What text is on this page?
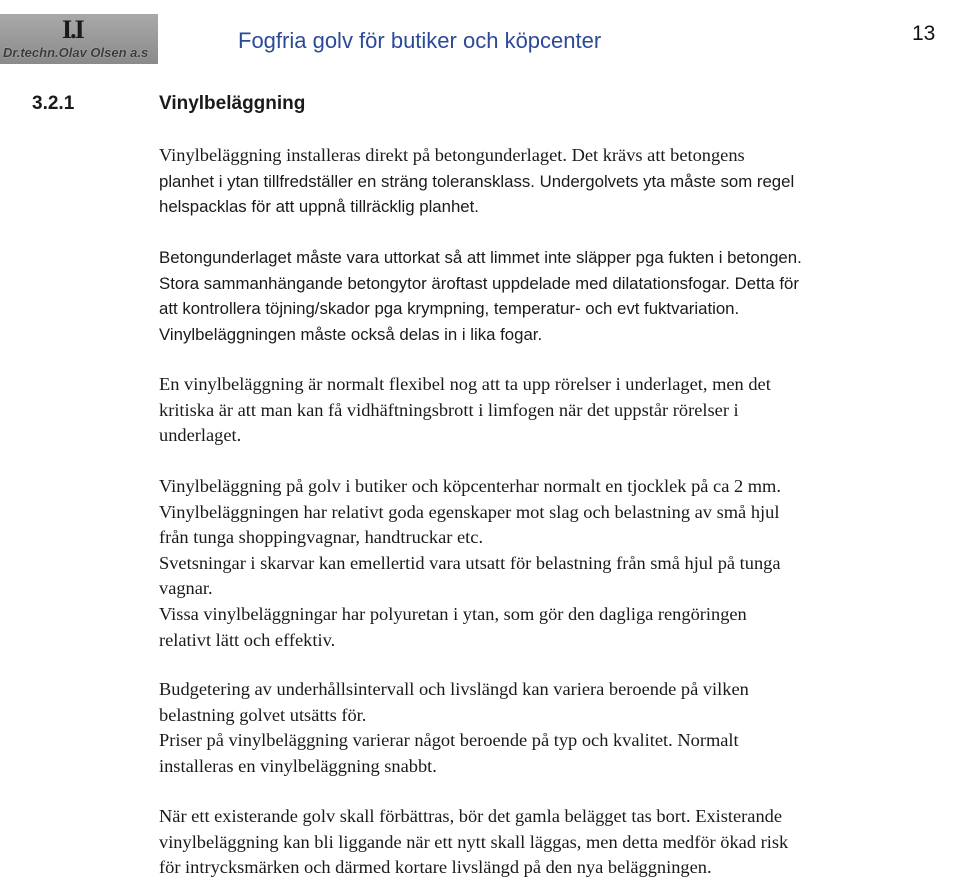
I.I
Dr.techn.Olav Olsen a.s	Fogfria golv för butiker och köpcenter	13
3.2.1	Vinylbeläggning
Vinylbeläggning installeras direkt på betongunderlaget. Det krävs att betongens
planhet i ytan tillfredställer en sträng toleransklass. Undergolvets yta måste som regel
helspacklas för att uppnå tillräcklig planhet.
Betongunderlaget måste vara uttorkat så att limmet inte släpper pga fukten i betongen.
Stora sammanhängande betongytor äroftast uppdelade med dilatationsfogar. Detta för
att kontrollera töjning/skador pga krympning, temperatur- och evt fuktvariation.
Vinylbeläggningen måste också delas in i lika fogar.
En vinylbeläggning är normalt flexibel nog att ta upp rörelser i underlaget, men det
kritiska är att man kan få vidhäftningsbrott i limfogen när det uppstår rörelser i
underlaget.
Vinylbeläggning på golv i butiker och köpcenterhar normalt en tjocklek på ca 2 mm.
Vinylbeläggningen har relativt goda egenskaper mot slag och belastning av små hjul
från tunga shoppingvagnar, handtruckar etc.
Svetsningar i skarvar kan emellertid vara utsatt för belastning från små hjul på tunga
vagnar.
Vissa vinylbeläggningar har polyuretan i ytan, som gör den dagliga rengöringen
relativt lätt och effektiv.
Budgetering av underhållsintervall och livslängd kan variera beroende på vilken
belastning golvet utsätts för.
Priser på vinylbeläggning varierar något beroende på typ och kvalitet. Normalt
installeras en vinylbeläggning snabbt.
När ett existerande golv skall förbättras, bör det gamla belägget tas bort. Existerande
vinylbeläggning kan bli liggande när ett nytt skall läggas, men detta medför ökad risk
för intrycksmärken och därmed kortare livslängd på den nya beläggningen.
